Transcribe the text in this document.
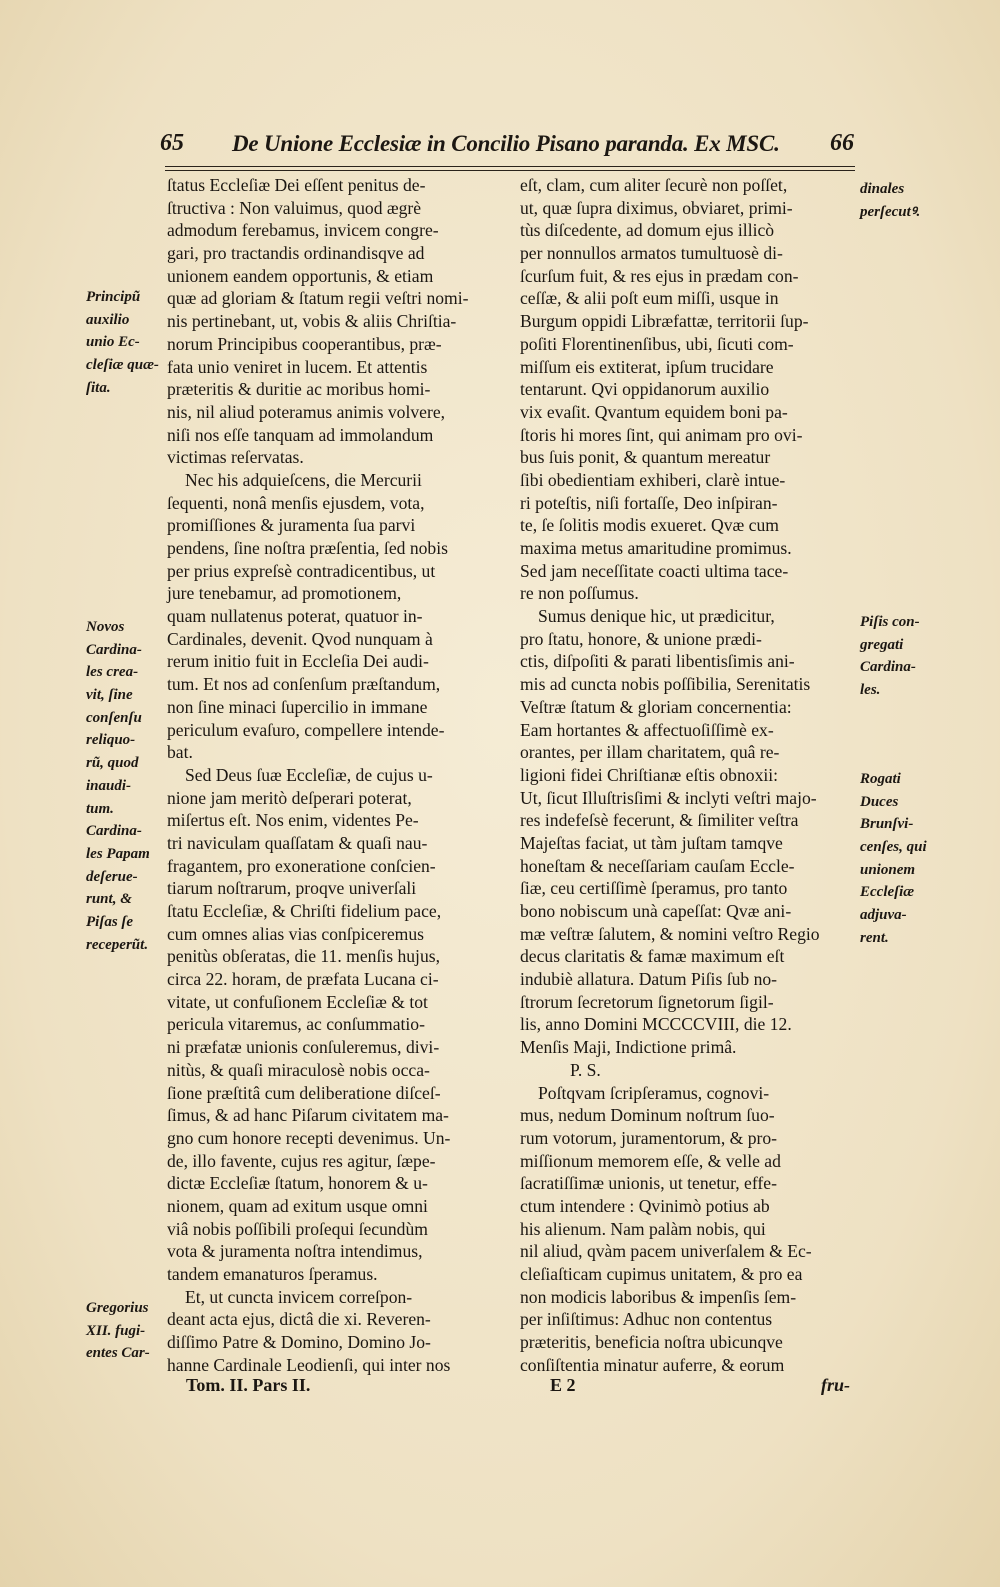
65 De Unione Ecclesiæ in Concilio Pisano paranda. Ex MSC. 66
ſtatus Eccleſiæ Dei eſſent penitus de-
ſtructiva : Non valuimus, quod ægrè
admodum ferebamus, invicem congre-
gari, pro tractandis ordinandisqve ad
unionem eandem opportunis, & etiam
quæ ad gloriam & ſtatum regii veſtri nomi-
nis pertinebant, ut, vobis & aliis Chriſtia-
norum Principibus cooperantibus, præ-
fata unio veniret in lucem. Et attentis
præteritis & duritie ac moribus homi-
nis, nil aliud poteramus animis volvere,
niſi nos eſſe tanquam ad immolandum
victimas reſervatas.
Nec his adquieſcens, die Mercurii
ſequenti, nonâ menſis ejusdem, vota,
promiſſiones & juramenta ſua parvi
pendens, ſine noſtra præſentia, ſed nobis
per prius expreſsè contradicentibus, ut
jure tenebamur, ad promotionem,
quam nullatenus poterat, quatuor in-
Cardinales, devenit. Qvod nunquam à
rerum initio fuit in Eccleſia Dei audi-
tum. Et nos ad conſenſum præſtandum,
non ſine minaci ſupercilio in immane
periculum evaſuro, compellere intende-
bat.
Sed Deus ſuæ Eccleſiæ, de cujus u-
nione jam meritò deſperari poterat,
miſertus eſt. Nos enim, videntes Pe-
tri naviculam quaſſatam & quaſi nau-
fragantem, pro exoneratione conſcien-
tiarum noſtrarum, proqve univerſali
ſtatu Eccleſiæ, & Chriſti fidelium pace,
cum omnes alias vias conſpiceremus
penitùs obſeratas, die 11. menſis hujus,
circa 22. horam, de præfata Lucana ci-
vitate, ut confuſionem Eccleſiæ & tot
pericula vitaremus, ac conſummatio-
ni præfatæ unionis conſuleremus, divi-
nitùs, & quaſi miraculosè nobis occa-
ſione præſtitâ cum deliberatione diſceſ-
ſimus, & ad hanc Piſarum civitatem ma-
gno cum honore recepti devenimus. Un-
de, illo favente, cujus res agitur, ſæpe-
dictæ Eccleſiæ ſtatum, honorem & u-
nionem, quam ad exitum usque omni
viâ nobis poſſibili proſequi ſecundùm
vota & juramenta noſtra intendimus,
tandem emanaturos ſperamus.
Et, ut cuncta invicem correſpon-
deant acta ejus, dictâ die xi. Reveren-
diſſimo Patre & Domino, Domino Jo-
hanne Cardinale Leodienſi, qui inter nos
eſt, clam, cum aliter ſecurè non poſſet,
ut, quæ ſupra diximus, obviaret, primi-
tùs diſcedente, ad domum ejus illicò
per nonnullos armatos tumultuosè di-
ſcurſum fuit, & res ejus in prædam con-
ceſſæ, & alii poſt eum miſſi, usque in
Burgum oppidi Libræfattæ, territorii ſup-
poſiti Florentinenſibus, ubi, ſicuti com-
miſſum eis extiterat, ipſum trucidare
tentarunt. Qvi oppidanorum auxilio
vix evaſit. Qvantum equidem boni pa-
ſtoris hi mores ſint, qui animam pro ovi-
bus ſuis ponit, & quantum mereatur
ſibi obedientiam exhiberi, clarè intue-
ri poteſtis, niſi fortaſſe, Deo inſpiran-
te, ſe ſolitis modis exueret. Qvæ cum
maxima metus amaritudine promimus.
Sed jam neceſſitate coacti ultima tace-
re non poſſumus.
Sumus denique hic, ut prædicitur,
pro ſtatu, honore, & unione prædi-
ctis, diſpoſiti & parati libentisſimis ani-
mis ad cuncta nobis poſſibilia, Serenitatis
Veſtræ ſtatum & gloriam concernentia:
Eam hortantes & affectuoſiſſimè ex-
orantes, per illam charitatem, quâ re-
ligioni fidei Chriſtianæ eſtis obnoxii:
Ut, ſicut Illuſtrisſimi & inclyti veſtri majo-
res indefeſsè fecerunt, & ſimiliter veſtra
Majeſtas faciat, ut tàm juſtam tamqve
honeſtam & neceſſariam cauſam Eccle-
ſiæ, ceu certiſſimè ſperamus, pro tanto
bono nobiscum unà capeſſat: Qvæ ani-
mæ veſtræ ſalutem, & nomini veſtro Regio
decus claritatis & famæ maximum eſt
indubiè allatura. Datum Piſis ſub no-
ſtrorum ſecretorum ſignetorum ſigil-
lis, anno Domini MCCCCVIII, die 12.
Menſis Maji, Indictione primâ.
P. S.
Poſtqvam ſcripſeramus, cognovi-
mus, nedum Dominum noſtrum ſuo-
rum votorum, juramentorum, & pro-
miſſionum memorem eſſe, & velle ad
ſacratiſſimæ unionis, ut tenetur, effe-
ctum intendere : Qvinimò potius ab
his alienum. Nam palàm nobis, qui
nil aliud, qvàm pacem univerſalem & Ec-
cleſiaſticam cupimus unitatem, & pro ea
non modicis laboribus & impenſis ſem-
per inſiſtimus: Adhuc non contentus
præteritis, beneficia noſtra ubicunqve
conſiſtentia minatur auferre, & eorum
Principũ
auxilio
unio Ec-
cleſiæ quæ-
ſita.
Novos
Cardina-
les crea-
vit, ſine
conſenſu
reliquo-
rũ, quod
inaudi-
tum.
Cardina-
les Papam
deſerue-
runt, &
Piſas ſe
receperũt.
Gregorius
XII. fugi-
entes Car-
dinales
perſecutꝰ.
Piſis con-
gregati
Cardina-
les.
Rogati
Duces
Brunſvi-
cenſes, qui
unionem
Eccleſiæ
adjuva-
rent.
Tom. II. Pars II.	E 2	fru-
